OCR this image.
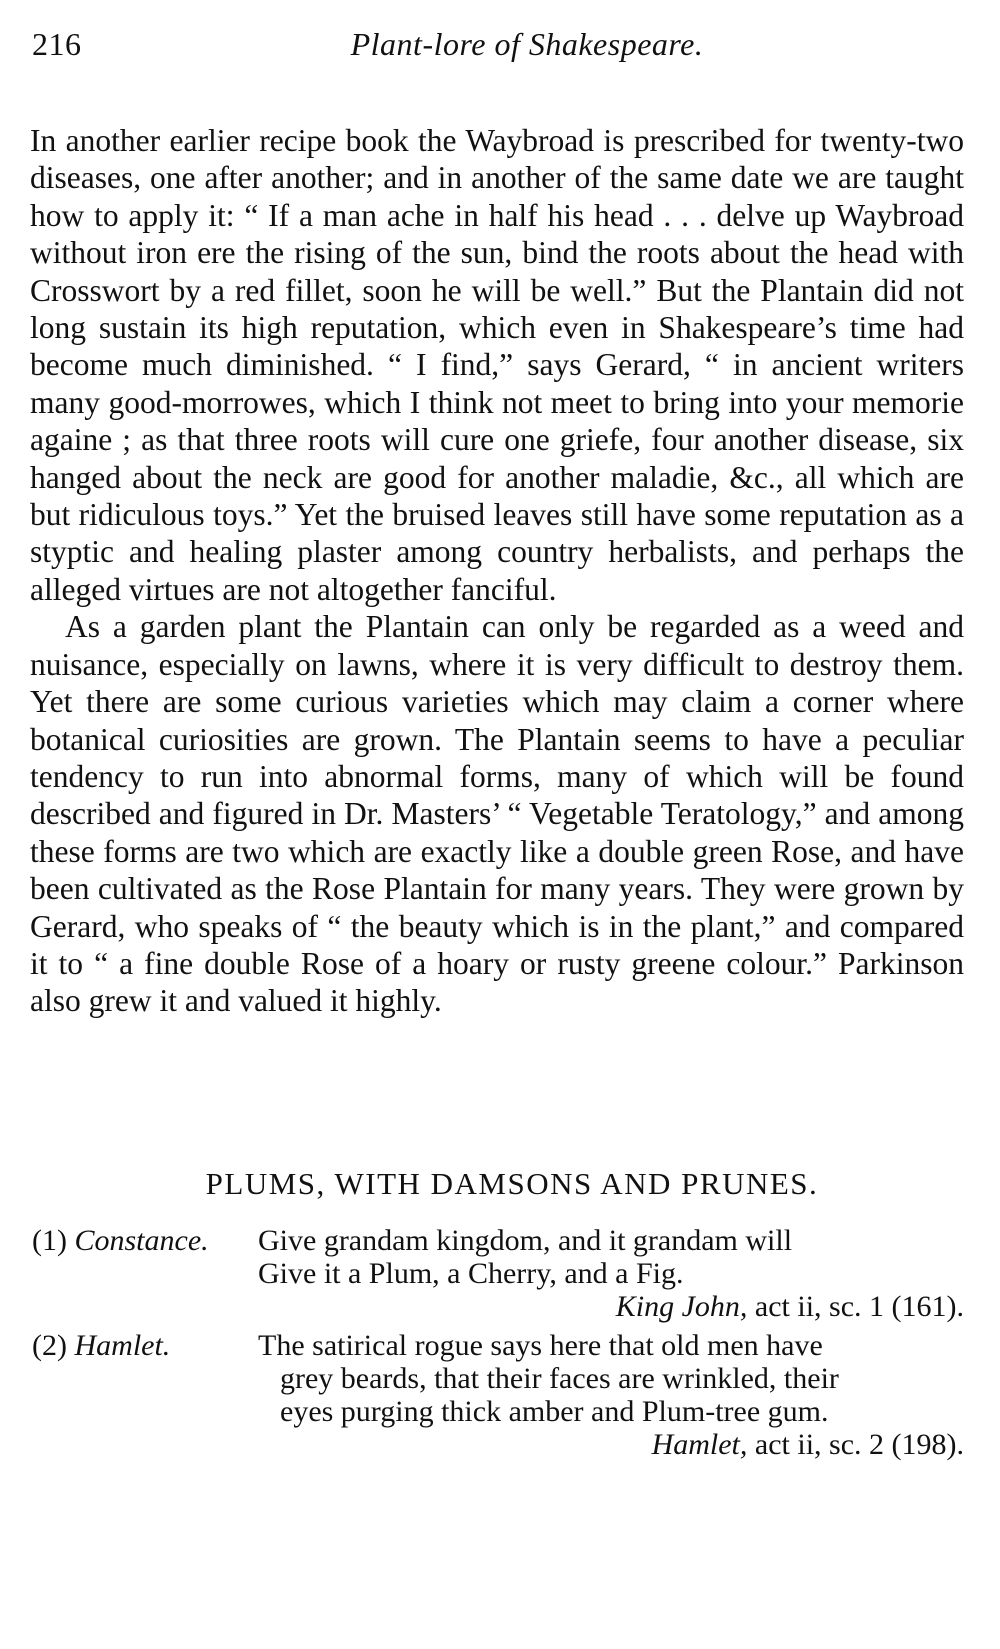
216	Plant-lore of Shakespeare.

In another earlier recipe book the Waybroad is prescribed for twenty-two diseases, one after another; and in another of the same date we are taught how to apply it: “ If a man ache in half his head . . . delve up Waybroad without iron ere the rising of the sun, bind the roots about the head with Crosswort by a red fillet, soon he will be well.” But the Plantain did not long sustain its high reputation, which even in Shakespeare’s time had become much diminished. “ I find,” says Gerard, “ in ancient writers many good-morrowes, which I think not meet to bring into your memorie againe ; as that three roots will cure one griefe, four another disease, six hanged about the neck are good for another maladie, &c., all which are but ridiculous toys.” Yet the bruised leaves still have some reputation as a styptic and healing plaster among country herbalists, and perhaps the alleged virtues are not altogether fanciful.

As a garden plant the Plantain can only be regarded as a weed and nuisance, especially on lawns, where it is very difficult to destroy them. Yet there are some curious varieties which may claim a corner where botanical curiosities are grown. The Plantain seems to have a peculiar tendency to run into abnormal forms, many of which will be found described and figured in Dr. Masters’ “ Vegetable Teratology,” and among these forms are two which are exactly like a double green Rose, and have been cultivated as the Rose Plantain for many years. They were grown by Gerard, who speaks of “ the beauty which is in the plant,” and compared it to “ a fine double Rose of a hoary or rusty greene colour.” Parkinson also grew it and valued it highly.

PLUMS, WITH DAMSONS AND PRUNES.
(1) Constance. Give grandam kingdom, and it grandam will
Give it a Plum, a Cherry, and a Fig.
King John, act ii, sc. 1 (161).
(2) Hamlet.	The satirical rogue says here that old men have
grey beards, that their faces are wrinkled, their
eyes purging thick amber and Plum-tree gum.
Hamlet, act ii, sc. 2 (198).
